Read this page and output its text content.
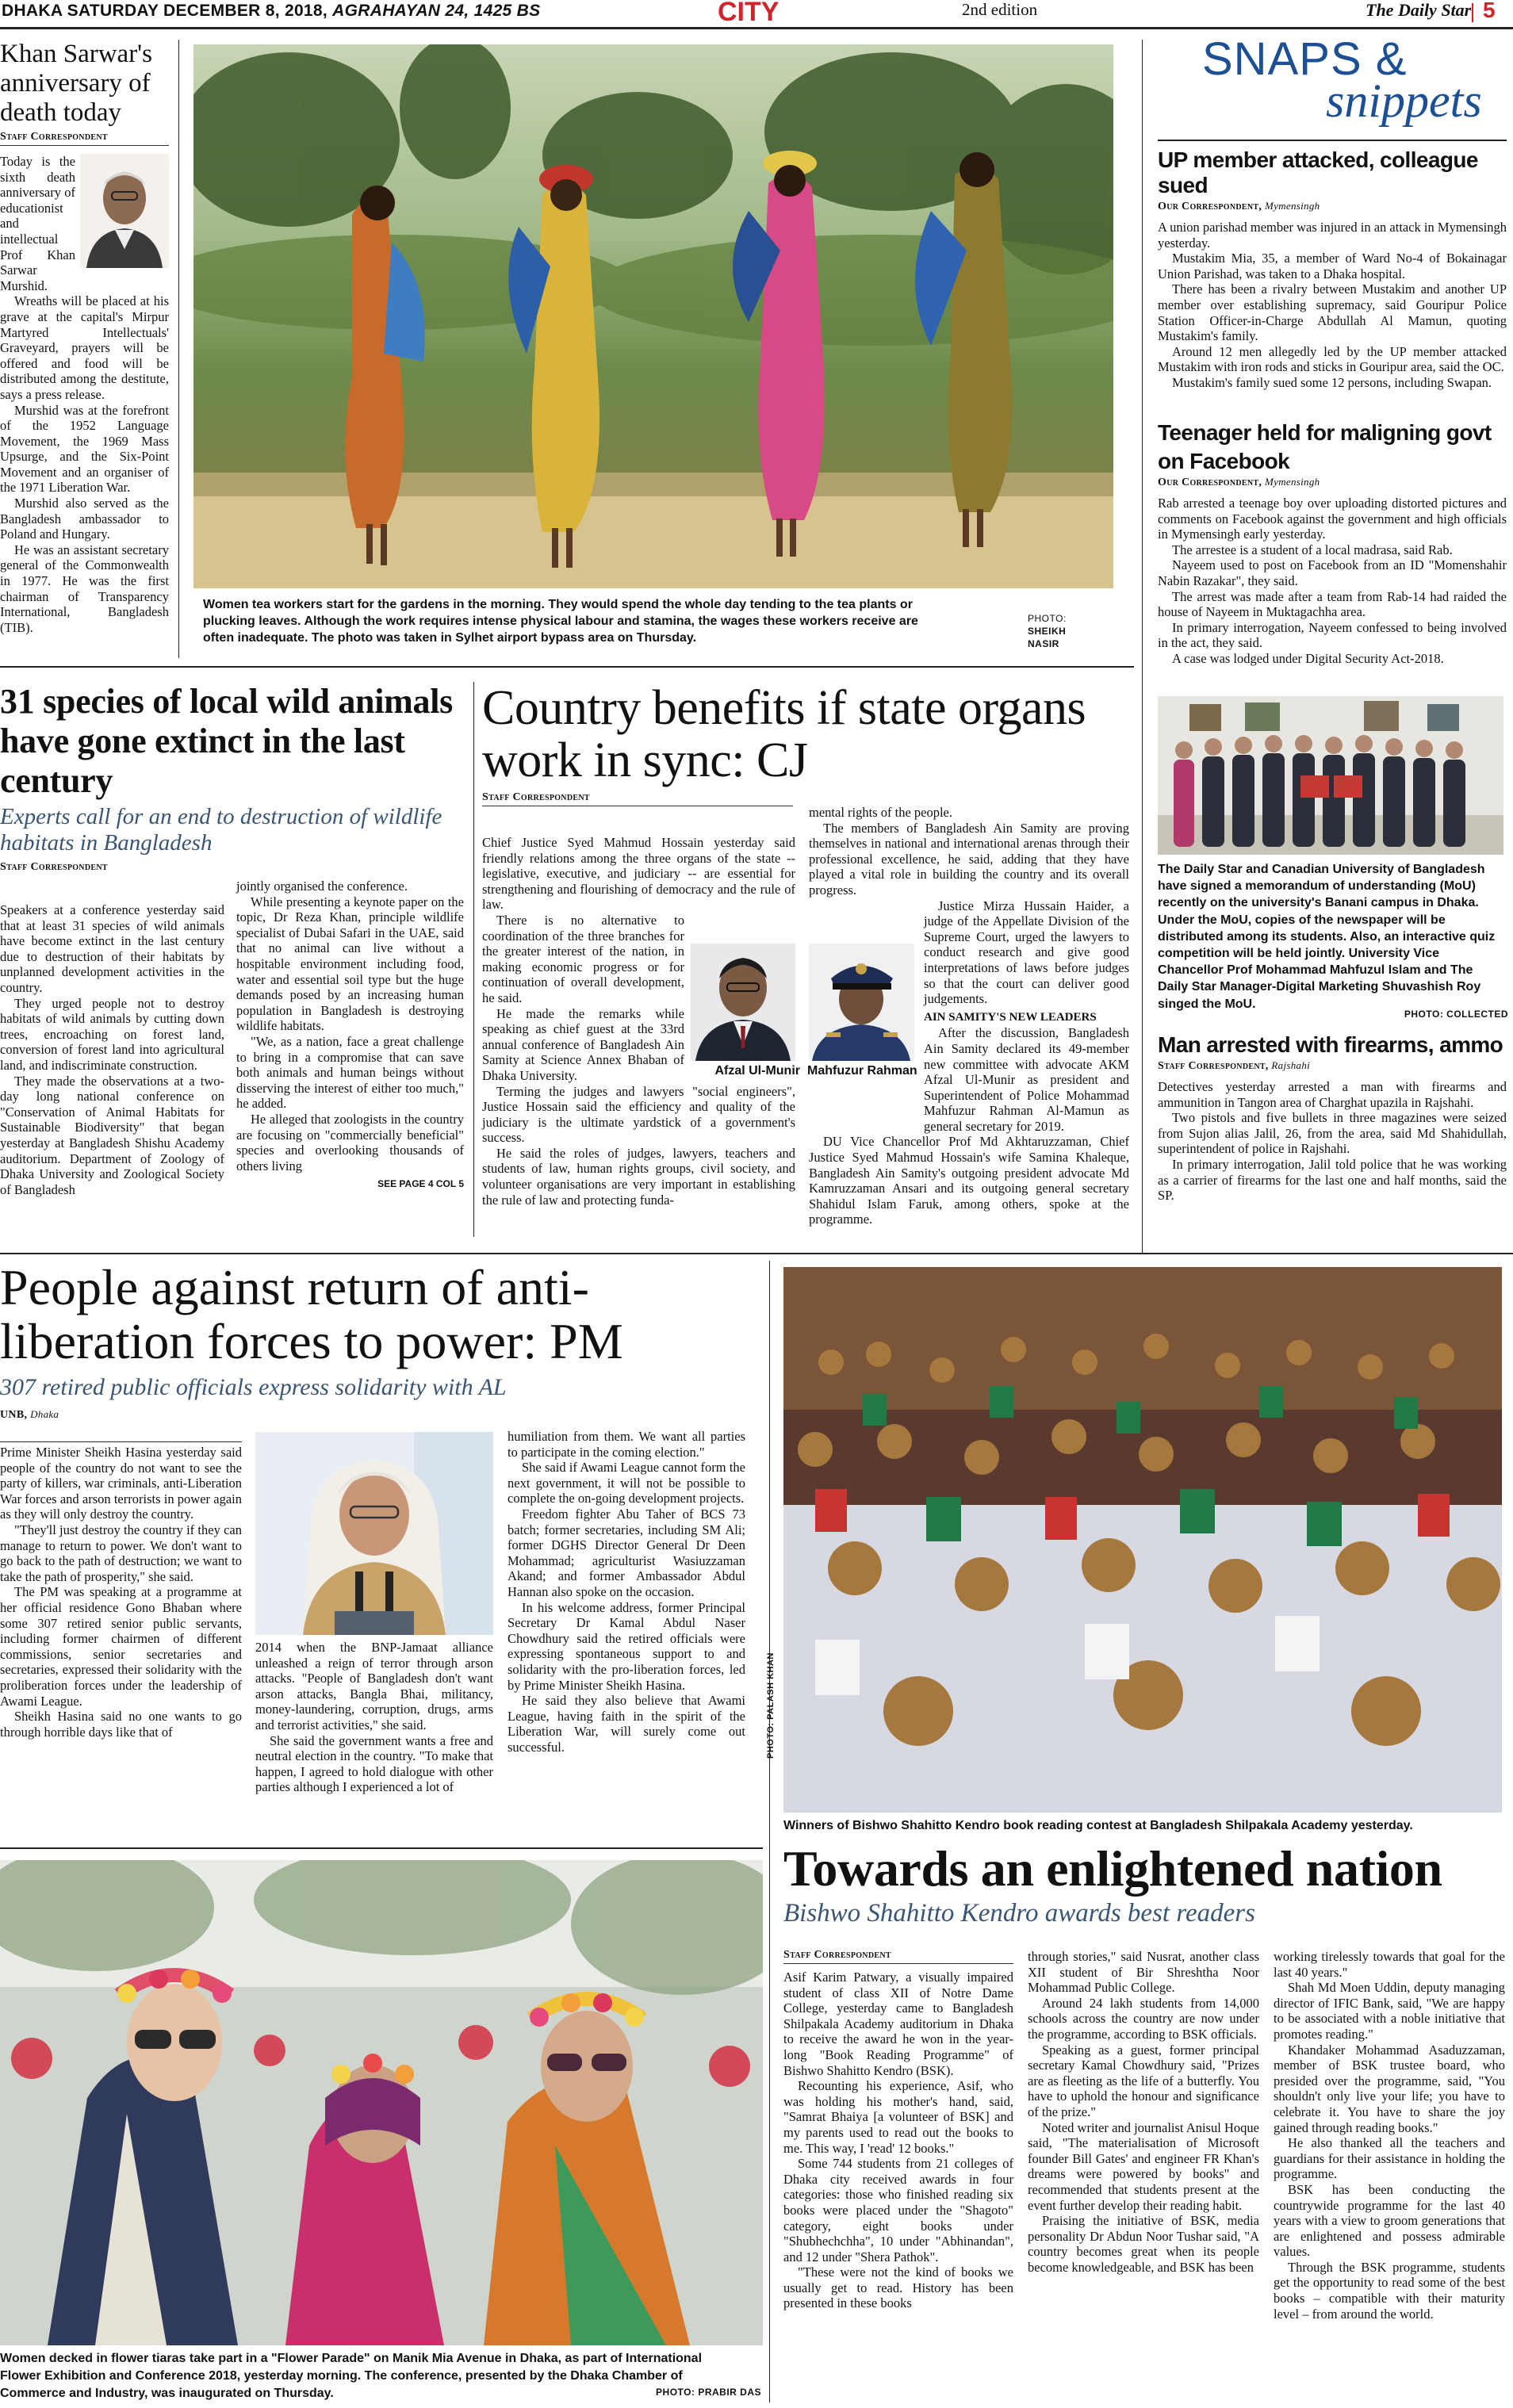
DHAKA SATURDAY DECEMBER 8, 2018, AGRAHAYAN 24, 1425 BS	CITY	2nd edition	The Daily Star 5
Khan Sarwar's anniversary of death today
Staff Correspondent

Today is the sixth death anniversary of educationist and intellectual Prof Khan Sarwar Murshid.

Wreaths will be placed at his grave at the capital's Mirpur Martyred Intellectuals' Graveyard, prayers will be offered and food will be distributed among the destitute, says a press release.

Murshid was at the forefront of the 1952 Language Movement, the 1969 Mass Upsurge, and the Six-Point Movement and an organiser of the 1971 Liberation War.

Murshid also served as the Bangladesh ambassador to Poland and Hungary.

He was an assistant secretary general of the Commonwealth in 1977. He was the first chairman of Transparency International, Bangladesh (TIB).

Women tea workers start for the gardens in the morning. They would spend the whole day tending to the tea plants or plucking leaves. Although the work requires intense physical labour and stamina, the wages these workers receive are often inadequate. The photo was taken in Sylhet airport bypass area on Thursday.
PHOTO:
SHEIKH NASIR
SNAPS &
snippets
UP member attacked, colleague sued
Our Correspondent, Mymensingh

A union parishad member was injured in an attack in Mymensingh yesterday.

Mustakim Mia, 35, a member of Ward No-4 of Bokainagar Union Parishad, was taken to a Dhaka hospital.

There has been a rivalry between Mustakim and another UP member over establishing supremacy, said Gouripur Police Station Officer-in-Charge Abdullah Al Mamun, quoting Mustakim's family.

Around 12 men allegedly led by the UP member attacked Mustakim with iron rods and sticks in Gouripur area, said the OC.

Mustakim's family sued some 12 persons, including Swapan.

Teenager held for maligning govt on Facebook
Our Correspondent, Mymensingh

Rab arrested a teenage boy over uploading distorted pictures and comments on Facebook against the government and high officials in Mymensingh early yesterday.

The arrestee is a student of a local madrasa, said Rab.

Nayeem used to post on Facebook from an ID "Momenshahir Nabin Razakar", they said.

The arrest was made after a team from Rab-14 had raided the house of Nayeem in Muktagachha area.

In primary interrogation, Nayeem confessed to being involved in the act, they said.

A case was lodged under Digital Security Act-2018.

The Daily Star and Canadian University of Bangladesh have signed a memorandum of understanding (MoU) recently on the university's Banani campus in Dhaka. Under the MoU, copies of the newspaper will be distributed among its students. Also, an interactive quiz competition will be held jointly. University Vice Chancellor Prof Mohammad Mahfuzul Islam and The Daily Star Manager-Digital Marketing Shuvashish Roy singed the MoU.
PHOTO: COLLECTED
Man arrested with firearms, ammo
Staff Correspondent, Rajshahi

Detectives yesterday arrested a man with firearms and ammunition in Tangon area of Charghat upazila in Rajshahi.

Two pistols and five bullets in three magazines were seized from Sujon alias Jalil, 26, from the area, said Md Shahidullah, superintendent of police in Rajshahi.

In primary interrogation, Jalil told police that he was working as a carrier of firearms for the last one and half months, said the SP.

31 species of local wild animals have gone extinct in the last century
Experts call for an end to destruction of wildlife habitats in Bangladesh
Staff Correspondent

Speakers at a conference yesterday said that at least 31 species of wild animals have become extinct in the last century due to destruction of their habitats by unplanned development activities in the country.

They urged people not to destroy habitats of wild animals by cutting down trees, encroaching on forest land, conversion of forest land into agricultural land, and indiscriminate construction.

They made the observations at a two-day long national conference on "Conservation of Animal Habitats for Sustainable Biodiversity" that began yesterday at Bangladesh Shishu Academy auditorium. Department of Zoology of Dhaka University and Zoological Society of Bangladesh

jointly organised the conference.

While presenting a keynote paper on the topic, Dr Reza Khan, principle wildlife specialist of Dubai Safari in the UAE, said that no animal can live without a hospitable environment including food, water and essential soil type but the huge demands posed by an increasing human population in Bangladesh is destroying wildlife habitats.

"We, as a nation, face a great challenge to bring in a compromise that can save both animals and human beings without disserving the interest of either too much," he added.

He alleged that zoologists in the country are focusing on "commercially beneficial" species and overlooking thousands of others living

SEE PAGE 4 COL 5
Country benefits if state organs work in sync: CJ
Staff Correspondent

Chief Justice Syed Mahmud Hossain yesterday said friendly relations among the three organs of the state -- legislative, executive, and judiciary -- are essential for strengthening and flourishing of democracy and the rule of law.

There is no alternative to coordination of the three branches for the greater interest of the nation, in making economic progress or for continuation of overall development, he said.

He made the remarks while speaking as chief guest at the 33rd annual conference of Bangladesh Ain Samity at Science Annex Bhaban of Dhaka University.

Terming the judges and lawyers "social engineers", Justice Hossain said the efficiency and quality of the judiciary is the ultimate yardstick of a government's success.

He said the roles of judges, lawyers, teachers and students of law, human rights groups, civil society, and volunteer organisations are very important in establishing the rule of law and protecting funda-

Afzal Ul-Munir Mahfuzur Rahman

mental rights of the people.

The members of Bangladesh Ain Samity are proving themselves in national and international arenas through their professional excellence, he said, adding that they have played a vital role in building the country and its overall progress.

Justice Mirza Hussain Haider, a judge of the Appellate Division of the Supreme Court, urged the lawyers to conduct research and give good interpretations of laws before judges so that the court can deliver good judgements.

AIN SAMITY'S NEW LEADERS

After the discussion, Bangladesh Ain Samity declared its 49-member new committee with advocate AKM Afzal Ul-Munir as president and Superintendent of Police Mohammad Mahfuzur Rahman Al-Mamun as general secretary for 2019.

DU Vice Chancellor Prof Md Akhtaruzzaman, Chief Justice Syed Mahmud Hossain's wife Samina Khaleque, Bangladesh Ain Samity's outgoing president advocate Md Kamruzzaman Ansari and its outgoing general secretary Shahidul Islam Faruk, among others, spoke at the programme.

People against return of anti-liberation forces to power: PM
307 retired public officials express solidarity with AL
UNB, Dhaka

Prime Minister Sheikh Hasina yesterday said people of the country do not want to see the party of killers, war criminals, anti-Liberation War forces and arson terrorists in power again as they will only destroy the country.

"They'll just destroy the country if they can manage to return to power. We don't want to go back to the path of destruction; we want to take the path of prosperity," she said.

The PM was speaking at a programme at her official residence Gono Bhaban where some 307 retired senior public servants, including former chairmen of different commissions, senior secretaries and secretaries, expressed their solidarity with the proliberation forces under the leadership of Awami League.

Sheikh Hasina said no one wants to go through horrible days like that of

2014 when the BNP-Jamaat alliance unleashed a reign of terror through arson attacks. "People of Bangladesh don't want arson attacks, Bangla Bhai, militancy, money-laundering, corruption, drugs, arms and terrorist activities," she said.

She said the government wants a free and neutral election in the country. "To make that happen, I agreed to hold dialogue with other parties although I experienced a lot of

humiliation from them. We want all parties to participate in the coming election."

She said if Awami League cannot form the next government, it will not be possible to complete the on-going development projects.

Freedom fighter Abu Taher of BCS 73 batch; former secretaries, including SM Ali; former DGHS Director General Dr Deen Mohammad; agriculturist Wasiuzzaman Akand; and former Ambassador Abdul Hannan also spoke on the occasion.

In his welcome address, former Principal Secretary Dr Kamal Abdul Naser Chowdhury said the retired officials were expressing spontaneous support to and solidarity with the pro-liberation forces, led by Prime Minister Sheikh Hasina.

He said they also believe that Awami League, having faith in the spirit of the Liberation War, will surely come out successful.	PHOTO: PALASH KHAN
Winners of Bishwo Shahitto Kendro book reading contest at Bangladesh Shilpakala Academy yesterday.
Towards an enlightened nation
Bishwo Shahitto Kendro awards best readers
Staff Correspondent

Asif Karim Patwary, a visually impaired student of class XII of Notre Dame College, yesterday came to Bangladesh Shilpakala Academy auditorium in Dhaka to receive the award he won in the year-long "Book Reading Programme" of Bishwo Shahitto Kendro (BSK).

Recounting his experience, Asif, who was holding his mother's hand, said, "Samrat Bhaiya [a volunteer of BSK] and my parents used to read out the books to me. This way, I 'read' 12 books."

Some 744 students from 21 colleges of Dhaka city received awards in four categories: those who finished reading six books were placed under the "Shagoto" category, eight books under "Shubhechchha", 10 under "Abhinandan", and 12 under "Shera Pathok".

"These were not the kind of books we usually get to read. History has been presented in these books

through stories," said Nusrat, another class XII student of Bir Shreshtha Noor Mohammad Public College.

Around 24 lakh students from 14,000 schools across the country are now under the programme, according to BSK officials.

Speaking as a guest, former principal secretary Kamal Chowdhury said, "Prizes are as fleeting as the life of a butterfly. You have to uphold the honour and significance of the prize."

Noted writer and journalist Anisul Hoque said, "The materialisation of Microsoft founder Bill Gates' and engineer FR Khan's dreams were powered by books" and recommended that students present at the event further develop their reading habit.

Praising the initiative of BSK, media personality Dr Abdun Noor Tushar said, "A country becomes great when its people become knowledgeable, and BSK has been

working tirelessly towards that goal for the last 40 years."

Shah Md Moen Uddin, deputy managing director of IFIC Bank, said, "We are happy to be associated with a noble initiative that promotes reading."

Khandaker Mohammad Asaduzzaman, member of BSK trustee board, who presided over the programme, said, "You shouldn't only live your life; you have to celebrate it. You have to share the joy gained through reading books."

He also thanked all the teachers and guardians for their assistance in holding the programme.

BSK has been conducting the countrywide programme for the last 40 years with a view to groom generations that are enlightened and possess admirable values.

Through the BSK programme, students get the opportunity to read some of the best books – compatible with their maturity level – from around the world.

Women decked in flower tiaras take part in a "Flower Parade" on Manik Mia Avenue in Dhaka, as part of International Flower Exhibition and Conference 2018, yesterday morning. The conference, presented by the Dhaka Chamber of Commerce and Industry, was inaugurated on Thursday.	PHOTO: PRABIR DAS
